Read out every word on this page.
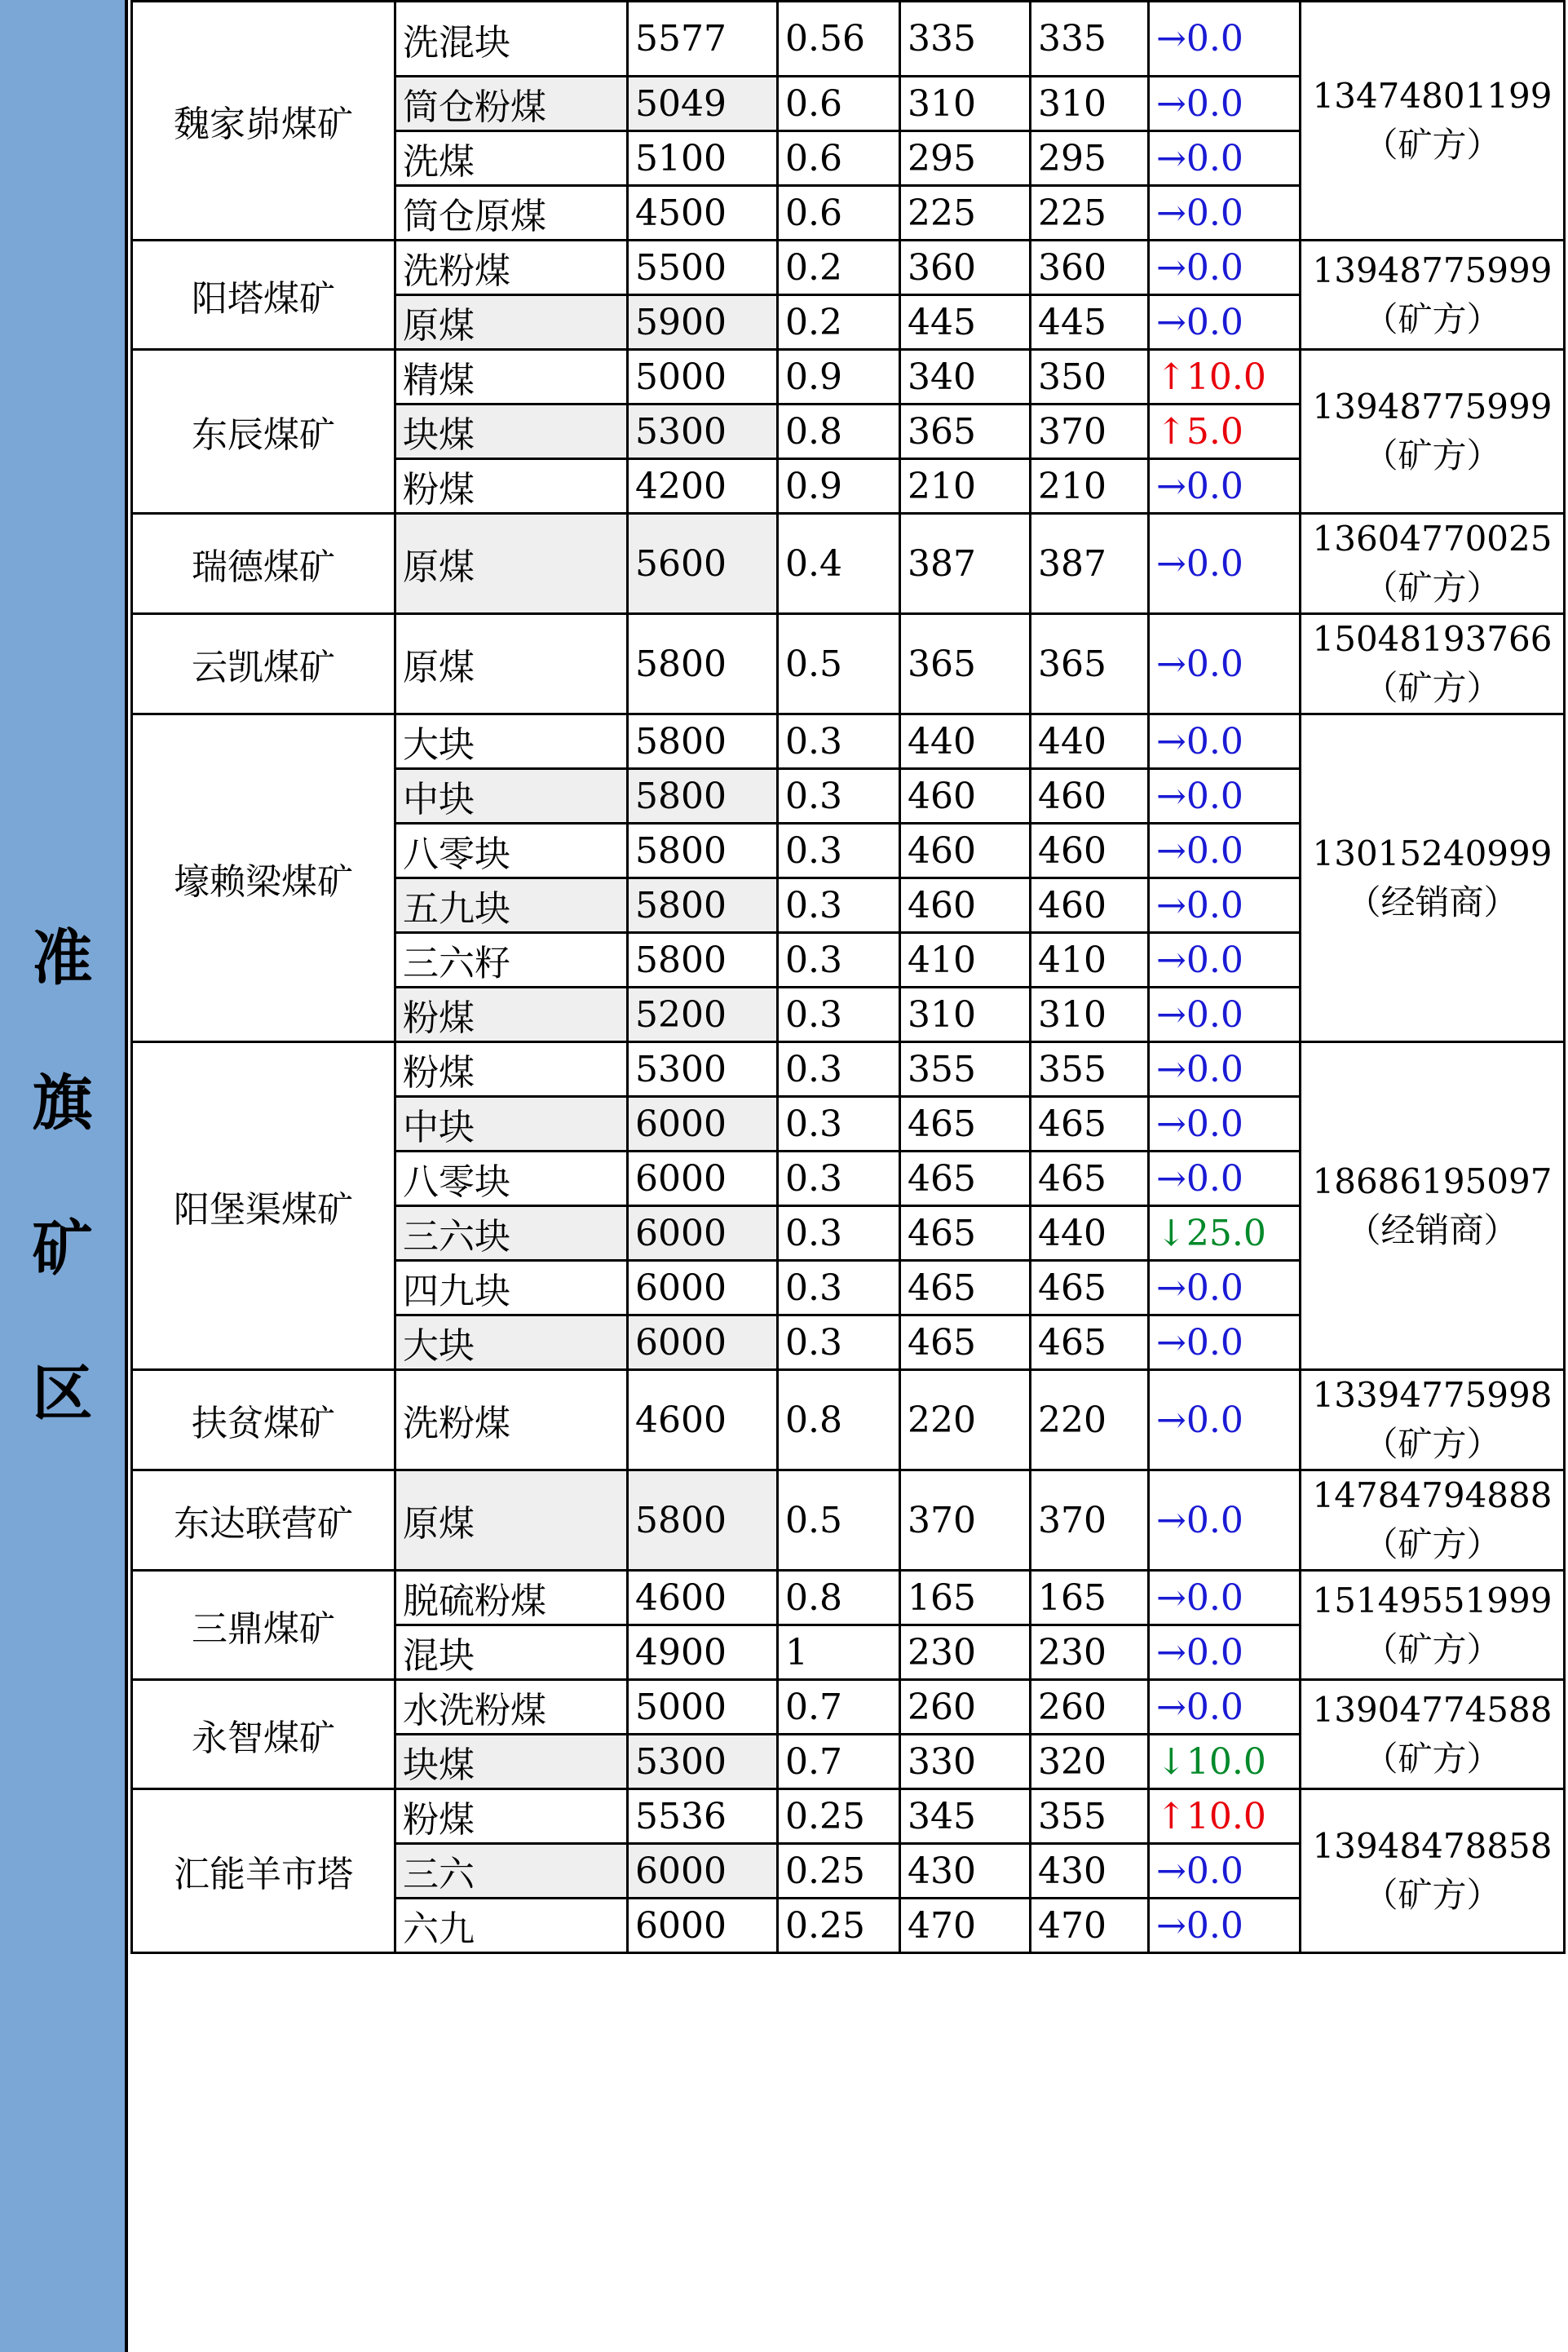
准
旗
矿
区
魏家峁煤矿	洗混块	5577	0.56	335	335	→0.0	13474801199
（矿方）

	筒仓粉煤	5049	0.6	310	310	→0.0	
	洗煤	5100	0.6	295	295	→0.0	
	筒仓原煤	4500	0.6	225	225	→0.0	
阳塔煤矿	洗粉煤	5500	0.2	360	360	→0.0	13948775999
（矿方）

	原煤	5900	0.2	445	445	→0.0	
东辰煤矿	精煤	5000	0.9	340	350	↑10.0	13948775999
（矿方）

	块煤	5300	0.8	365	370	↑5.0	
	粉煤	4200	0.9	210	210	→0.0	
瑞德煤矿	原煤	5600	0.4	387	387	→0.0	13604770025
（矿方）

云凯煤矿	原煤	5800	0.5	365	365	→0.0	15048193766
（矿方）

壕赖梁煤矿	大块	5800	0.3	440	440	→0.0	13015240999
（经销商）

	中块	5800	0.3	460	460	→0.0	
	八零块	5800	0.3	460	460	→0.0	
	五九块	5800	0.3	460	460	→0.0	
	三六籽	5800	0.3	410	410	→0.0	
	粉煤	5200	0.3	310	310	→0.0	
阳堡渠煤矿	粉煤	5300	0.3	355	355	→0.0	18686195097
（经销商）

	中块	6000	0.3	465	465	→0.0	
	八零块	6000	0.3	465	465	→0.0	
	三六块	6000	0.3	465	440	↓25.0	
	四九块	6000	0.3	465	465	→0.0	
	大块	6000	0.3	465	465	→0.0	
扶贫煤矿	洗粉煤	4600	0.8	220	220	→0.0	13394775998
（矿方）

东达联营矿	原煤	5800	0.5	370	370	→0.0	14784794888
（矿方）

三鼎煤矿	脱硫粉煤	4600	0.8	165	165	→0.0	15149551999
（矿方）

	混块	4900	1	230	230	→0.0	
永智煤矿	水洗粉煤	5000	0.7	260	260	→0.0	13904774588
（矿方）

	块煤	5300	0.7	330	320	↓10.0	
汇能羊市塔	粉煤	5536	0.25	345	355	↑10.0	13948478858
（矿方）

	三六	6000	0.25	430	430	→0.0	
	六九	6000	0.25	470	470	→0.0	
